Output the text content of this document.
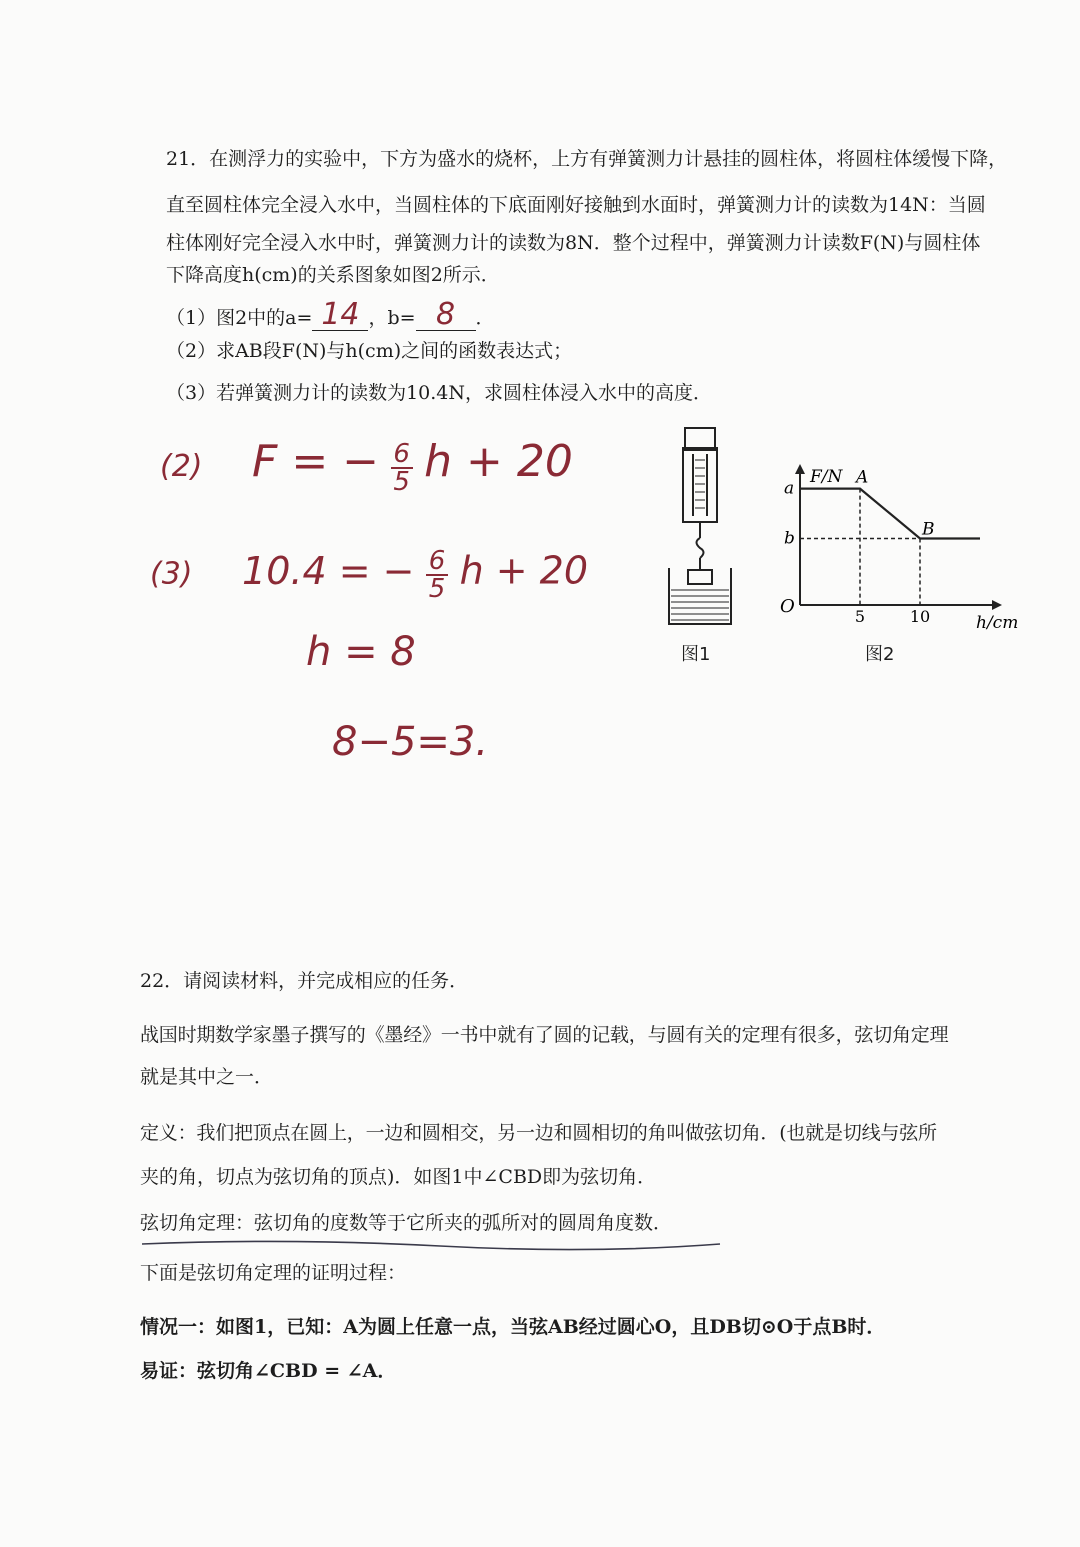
21．在测浮力的实验中，下方为盛水的烧杯，上方有弹簧测力计悬挂的圆柱体，将圆柱体缓慢下降，
直至圆柱体完全浸入水中，当圆柱体的下底面刚好接触到水面时，弹簧测力计的读数为14N：当圆
柱体刚好完全浸入水中时，弹簧测力计的读数为8N．整个过程中，弹簧测力计读数F(N)与圆柱体
下降高度h(cm)的关系图象如图2所示．
（1）图2中的a= 14 ，b= 8 ．
（2）求AB段F(N)与h(cm)之间的函数表达式；
（3）若弹簧测力计的读数为10.4N，求圆柱体浸入水中的高度．
(2) F = − $\frac{6}{5}$ h + 20
(3) 10.4 = − $\frac{6}{5}$ h + 20
h = 8
8−5=3.
图1
F/N
h/cm
O
a
b
A
B
5	10
图2
22．请阅读材料，并完成相应的任务．
战国时期数学家墨子撰写的《墨经》一书中就有了圆的记载，与圆有关的定理有很多，弦切角定理
就是其中之一．
定义：我们把顶点在圆上，一边和圆相交，另一边和圆相切的角叫做弦切角．(也就是切线与弦所
夹的角，切点为弦切角的顶点)．如图1中∠CBD即为弦切角．
弦切角定理：弦切角的度数等于它所夹的弧所对的圆周角度数．
下面是弦切角定理的证明过程：
情况一：如图1，已知：A为圆上任意一点，当弦AB经过圆心O，且DB切⊙O于点B时．
易证：弦切角∠CBD = ∠A．
